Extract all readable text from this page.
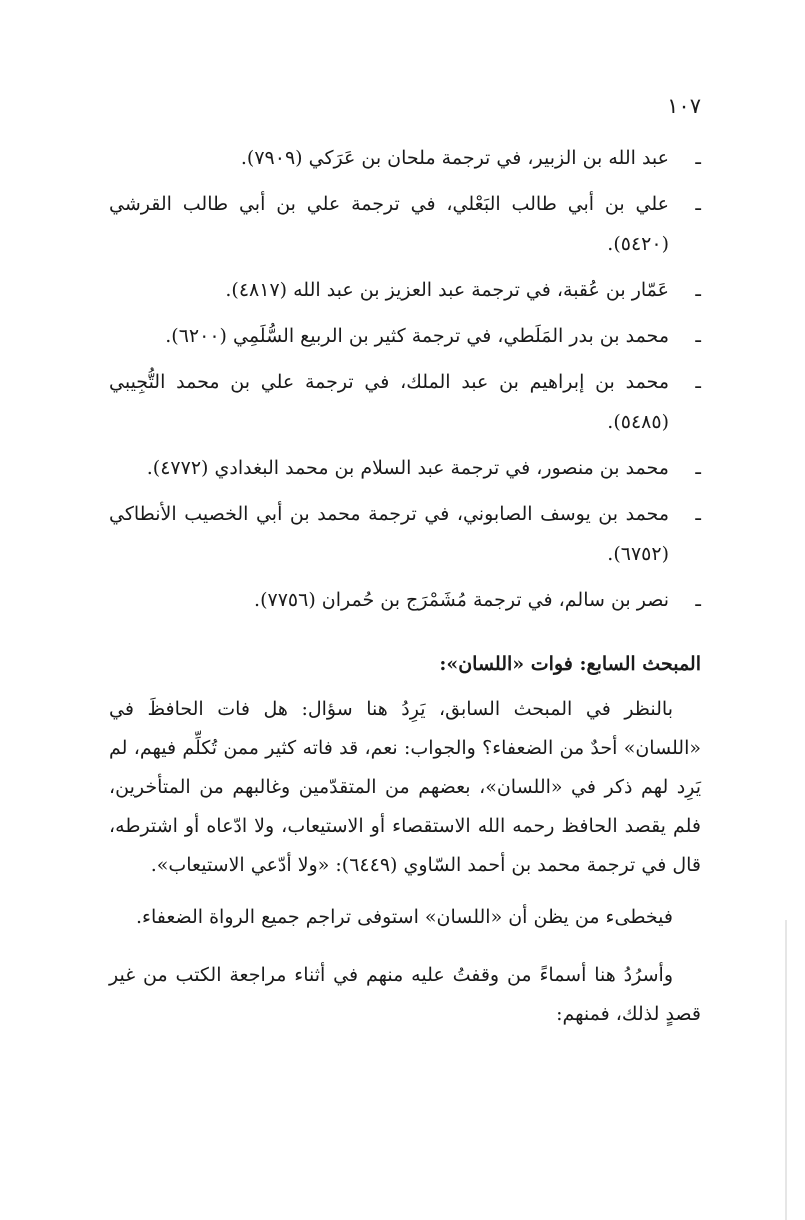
١٠٧
ـ
عبد الله بن الزبير، في ترجمة ملحان بن عَرَكي (٧٩٠٩).
ـ
علي بن أبي طالب البَعْلي، في ترجمة علي بن أبي طالب القرشي (٥٤٢٠).
ـ
عَمّار بن عُقبة، في ترجمة عبد العزيز بن عبد الله (٤٨١٧).
ـ
محمد بن بدر المَلَطي، في ترجمة كثير بن الربيع السُّلَمِي (٦٢٠٠).
ـ
محمد بن إبراهيم بن عبد الملك، في ترجمة علي بن محمد التُّجِيبي (٥٤٨٥).
ـ
محمد بن منصور، في ترجمة عبد السلام بن محمد البغدادي (٤٧٧٢).
ـ
محمد بن يوسف الصابوني، في ترجمة محمد بن أبي الخصيب الأنطاكي (٦٧٥٢).
ـ
نصر بن سالم، في ترجمة مُشَمْرَج بن حُمران (٧٧٥٦).
المبحث السابع: فوات «اللسان»:

بالنظر في المبحث السابق، يَرِدُ هنا سؤال: هل فات الحافظَ في «اللسان» أحدٌ من الضعفاء؟ والجواب: نعم، قد فاته كثير ممن تُكلِّم فيهم، لم يَرِد لهم ذكر في «اللسان»، بعضهم من المتقدّمين وغالبهم من المتأخرين، فلم يقصد الحافظ رحمه الله الاستقصاء أو الاستيعاب، ولا ادّعاه أو اشترطه، قال في ترجمة محمد بن أحمد السّاوي (٦٤٤٩): «ولا أدّعي الاستيعاب».

فيخطىء من يظن أن «اللسان» استوفى تراجم جميع الرواة الضعفاء.

وأسرُدُ هنا أسماءً من وقفتُ عليه منهم في أثناء مراجعة الكتب من غير قصدٍ لذلك، فمنهم:
